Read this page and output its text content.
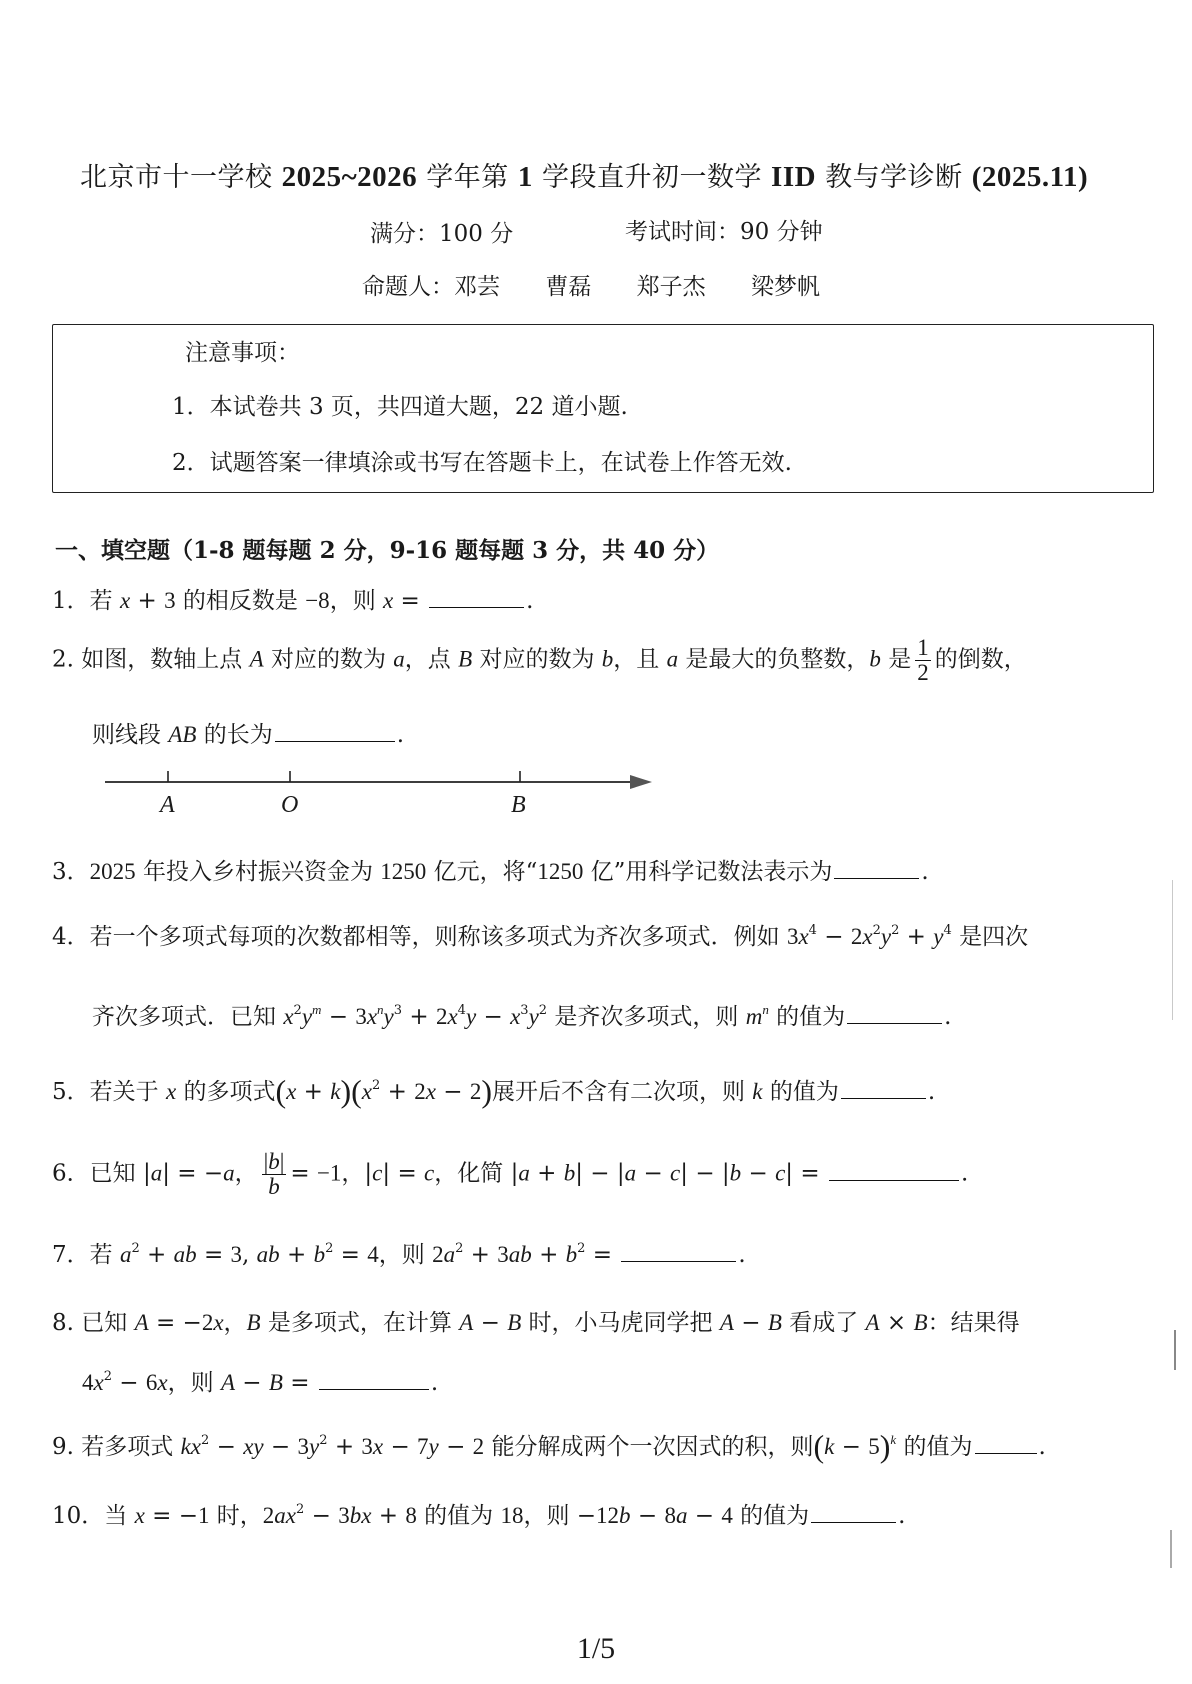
北京市十一学校 2025~2026 学年第 1 学段直升初一数学 IID 教与学诊断 (2025.11)
满分：100 分	考试时间：90 分钟
命题人：邓芸 曹磊 郑子杰 梁梦帆
注意事项：
1．本试卷共 3 页，共四道大题，22 道小题.
2．试题答案一律填涂或书写在答题卡上，在试卷上作答无效.
一、填空题（1-8 题每题 2 分，9-16 题每题 3 分，共 40 分）
1．若 x + 3 的相反数是 −8，则 x =	.
2. 如图，数轴上点 A 对应的数为 a，点 B 对应的数为 b，且 a 是最大的负整数，b 是 $\frac{1}{2}$ 的倒数，
则线段 AB 的长为	.
A	O	B
3．2025 年投入乡村振兴资金为 1250 亿元，将“1250 亿”用科学记数法表示为	.
4．若一个多项式每项的次数都相等，则称该多项式为齐次多项式．例如 $3x^4 - 2x^2y^2 + y^4$ 是四次
齐次多项式．已知 $x^2y^m - 3x^ny^3 + 2x^4y - x^3y^2$ 是齐次多项式，则 $m^n$ 的值为	.
5．若关于 x 的多项式$(x + k)(x^2 + 2x - 2)$展开后不含有二次项，则 k 的值为	.
6．已知 |a| = −a， $\frac{|b|}{b} = -1$，|c| = c，化简 |a + b| − |a − c| − |b − c| =	.
7．若 $a^2$ + ab = 3, ab + $b^2 = 4$，则 $2a^2 + 3ab + b^2$ =	.
8. 已知 A = −2x，B 是多项式，在计算 A − B 时，小马虎同学把 A − B 看成了 A × B：结果得
$4x^2 - 6x$，则 A − B =	.
9. 若多项式 $kx^2$ − xy − $3y^2 + 3x - 7y - 2$ 能分解成两个一次因式的积，则$(k - 5)^k$ 的值为	.
10．当 x = −1 时，$2ax^2 - 3bx + 8$ 的值为 18，则 −12b − 8a − 4 的值为	.
1/5
